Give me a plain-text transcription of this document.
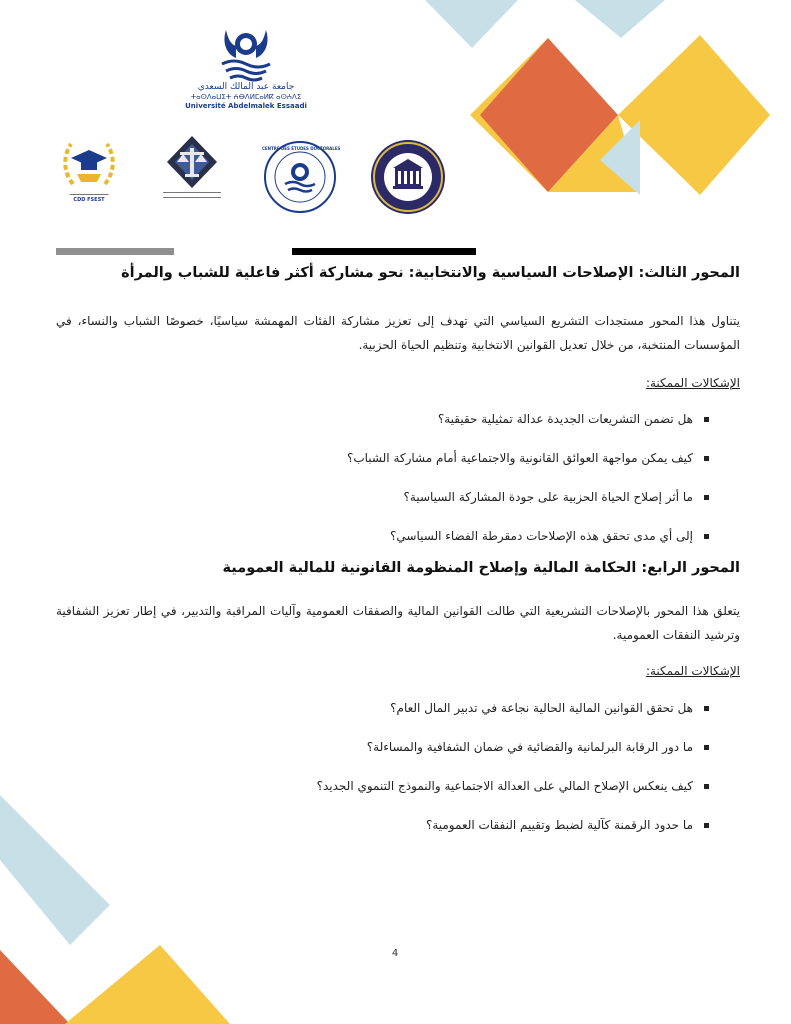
جامعة عبد المالك السعدي
ⵜⴰⵙⴷⴰⵡⵉⵜ ⵄⴱⴷⵍⵎⴰⵍⴽ ⴰⵙⵄⴷⵉ
Université Abdelmalek Essaadi
━━━━━━━━━━━━━━━━
CDD FSEST
━━━━━━━━━━━━━━━━━━━━━━━━
━━━━━━━━━━━━━━━━━━━━━━━━
CENTRE DES ÉTUDES DOCTORALES
المحور الثالث: الإصلاحات السياسية والانتخابية: نحو مشاركة أكثر فاعلية للشباب والمرأة

يتناول هذا المحور مستجدات التشريع السياسي التي تهدف إلى تعزيز مشاركة الفئات المهمشة سياسيًا، خصوصًا الشباب والنساء، في المؤسسات المنتخبة، من خلال تعديل القوانين الانتخابية وتنظيم الحياة الحزبية.

الإشكالات الممكنة:

هل تضمن التشريعات الجديدة عدالة تمثيلية حقيقية؟
كيف يمكن مواجهة العوائق القانونية والاجتماعية أمام مشاركة الشباب؟
ما أثر إصلاح الحياة الحزبية على جودة المشاركة السياسية؟
إلى أي مدى تحقق هذه الإصلاحات دمقرطة الفضاء السياسي؟
المحور الرابع: الحكامة المالية وإصلاح المنظومة القانونية للمالية العمومية

يتعلق هذا المحور بالإصلاحات التشريعية التي طالت القوانين المالية والصفقات العمومية وآليات المراقبة والتدبير، في إطار تعزيز الشفافية وترشيد النفقات العمومية.

الإشكالات الممكنة:

هل تحقق القوانين المالية الحالية نجاعة في تدبير المال العام؟
ما دور الرقابة البرلمانية والقضائية في ضمان الشفافية والمساءلة؟
كيف ينعكس الإصلاح المالي على العدالة الاجتماعية والنموذج التنموي الجديد؟
ما حدود الرقمنة كآلية لضبط وتقييم النفقات العمومية؟
4
